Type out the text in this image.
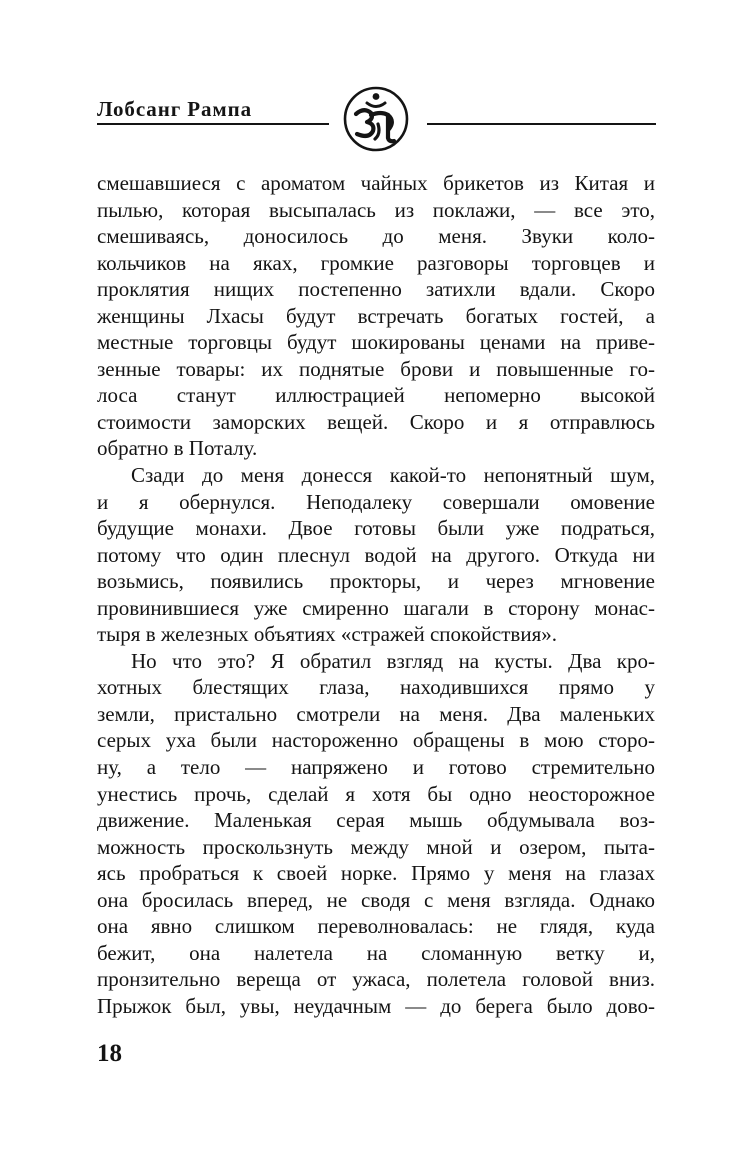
Лобсанг Рампа
смешавшиеся с ароматом чайных брикетов из Китая и
пылью, которая высыпалась из поклажи, — все это,
смешиваясь, доносилось до меня. Звуки коло-
кольчиков на яках, громкие разговоры торговцев и
проклятия нищих постепенно затихли вдали. Скоро
женщины Лхасы будут встречать богатых гостей, а
местные торговцы будут шокированы ценами на приве-
зенные товары: их поднятые брови и повышенные го-
лоса станут иллюстрацией непомерно высокой
стоимости заморских вещей. Скоро и я отправлюсь
обратно в Поталу.
Сзади до меня донесся какой-то непонятный шум,
и я обернулся. Неподалеку совершали омовение
будущие монахи. Двое готовы были уже подраться,
потому что один плеснул водой на другого. Откуда ни
возьмись, появились прокторы, и через мгновение
провинившиеся уже смиренно шагали в сторону монас-
тыря в железных объятиях «стражей спокойствия».
Но что это? Я обратил взгляд на кусты. Два кро-
хотных блестящих глаза, находившихся прямо у
земли, пристально смотрели на меня. Два маленьких
серых уха были настороженно обращены в мою сторо-
ну, а тело — напряжено и готово стремительно
унестись прочь, сделай я хотя бы одно неосторожное
движение. Маленькая серая мышь обдумывала воз-
можность проскользнуть между мной и озером, пыта-
ясь пробраться к своей норке. Прямо у меня на глазах
она бросилась вперед, не сводя с меня взгляда. Однако
она явно слишком переволновалась: не глядя, куда
бежит, она налетела на сломанную ветку и,
пронзительно вереща от ужаса, полетела головой вниз.
Прыжок был, увы, неудачным — до берега было дово-
18
